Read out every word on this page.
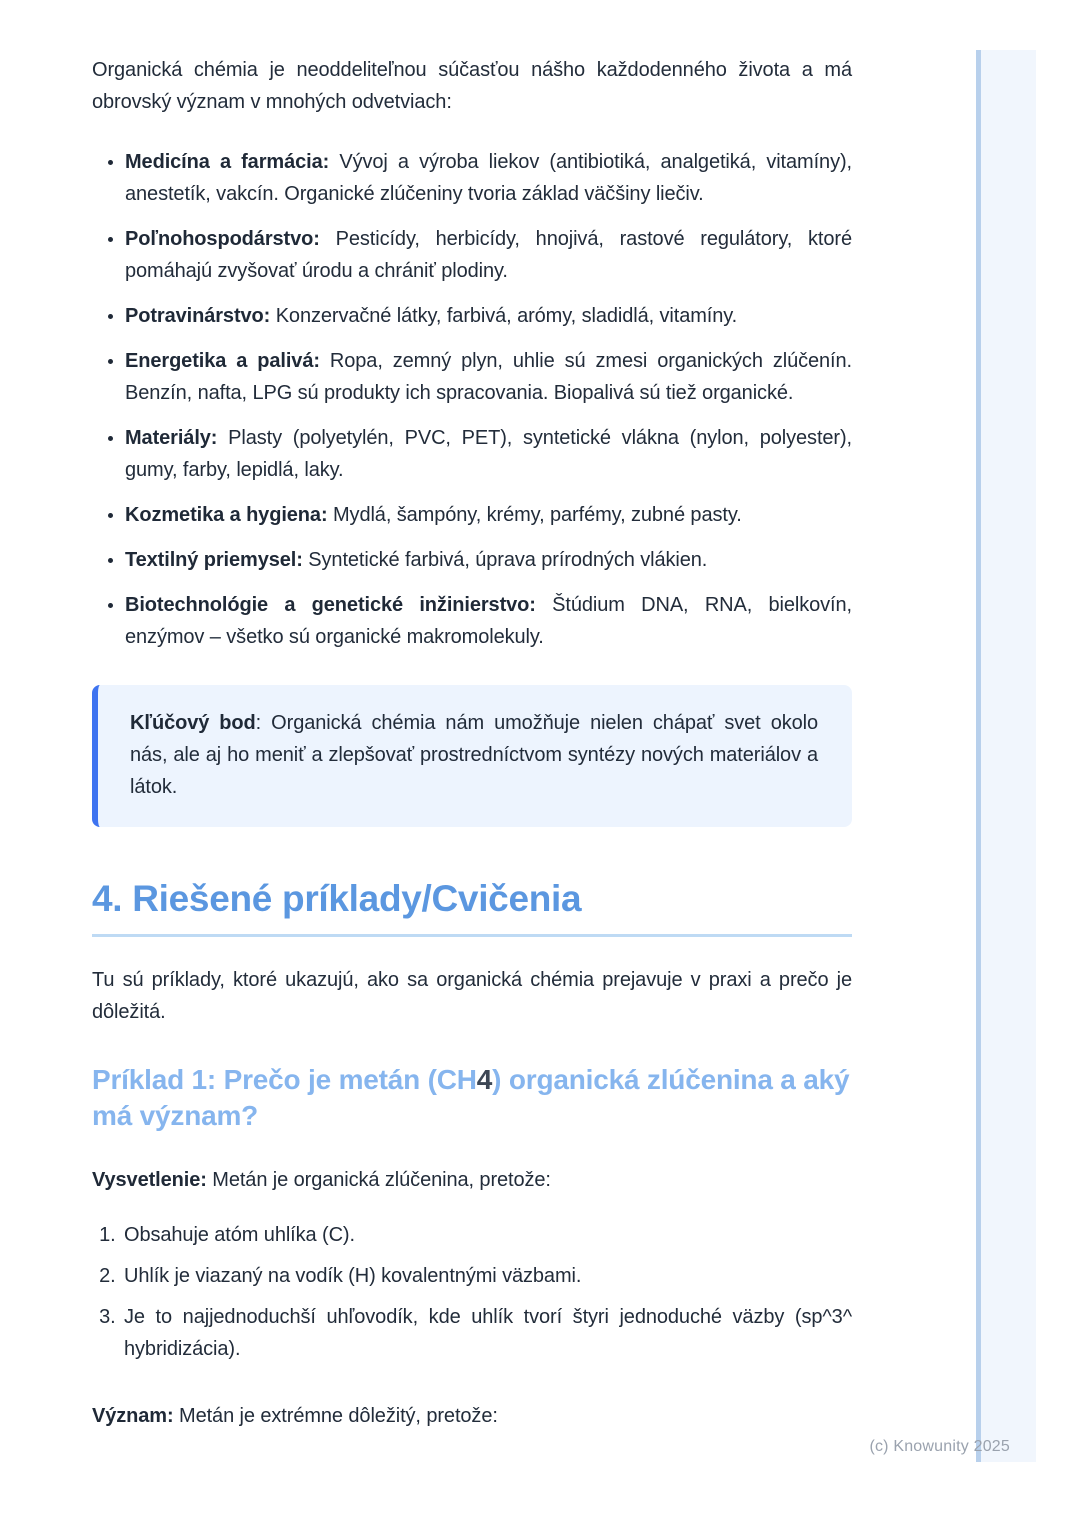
Organická chémia je neoddeliteľnou súčasťou nášho každodenného života a má obrovský význam v mnohých odvetviach:

• Medicína a farmácia: Vývoj a výroba liekov (antibiotiká, analgetiká, vitamíny), anestetík, vakcín. Organické zlúčeniny tvoria základ väčšiny liečiv.
• Poľnohospodárstvo: Pesticídy, herbicídy, hnojivá, rastové regulátory, ktoré pomáhajú zvyšovať úrodu a chrániť plodiny.
• Potravinárstvo: Konzervačné látky, farbivá, arómy, sladidlá, vitamíny.
• Energetika a palivá: Ropa, zemný plyn, uhlie sú zmesi organických zlúčenín. Benzín, nafta, LPG sú produkty ich spracovania. Biopalivá sú tiež organické.
• Materiály: Plasty (polyetylén, PVC, PET), syntetické vlákna (nylon, polyester), gumy, farby, lepidlá, laky.
• Kozmetika a hygiena: Mydlá, šampóny, krémy, parfémy, zubné pasty.
• Textilný priemysel: Syntetické farbivá, úprava prírodných vlákien.
• Biotechnológie a genetické inžinierstvo: Štúdium DNA, RNA, bielkovín, enzýmov – všetko sú organické makromolekuly.

Kľúčový bod: Organická chémia nám umožňuje nielen chápať svet okolo nás, ale aj ho meniť a zlepšovať prostredníctvom syntézy nových materiálov a látok.

4. Riešené príklady/Cvičenia

Tu sú príklady, ktoré ukazujú, ako sa organická chémia prejavuje v praxi a prečo je dôležitá.

Príklad 1: Prečo je metán (CH4) organická zlúčenina a aký má význam?

Vysvetlenie: Metán je organická zlúčenina, pretože:

1. Obsahuje atóm uhlíka (C).
2. Uhlík je viazaný na vodík (H) kovalentnými väzbami.
3. Je to najjednoduchší uhľovodík, kde uhlík tvorí štyri jednoduché väzby (sp^3^ hybridizácia).

Význam: Metán je extrémne dôležitý, pretože:

(c) Knowunity 2025
